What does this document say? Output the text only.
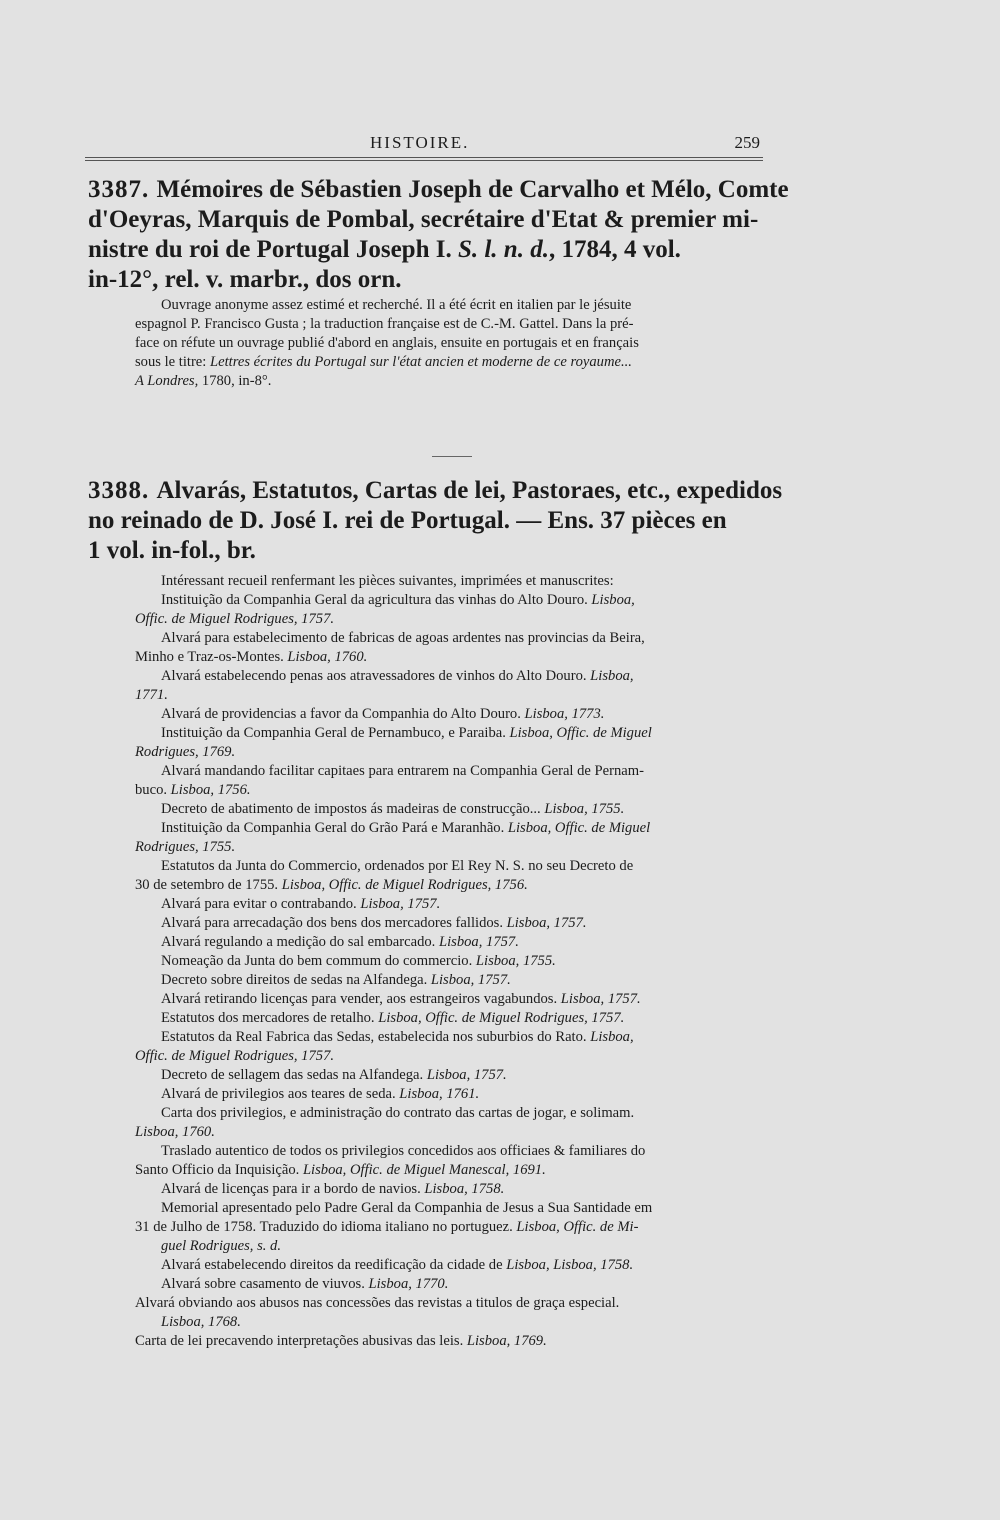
HISTOIRE.	259
3387. Mémoires de Sébastien Joseph de Carvalho et Mélo, Comte
d'Oeyras, Marquis de Pombal, secrétaire d'Etat & premier mi-
nistre du roi de Portugal Joseph I. S. l. n. d., 1784, 4 vol.
in-12°, rel. v. marbr., dos orn.

Ouvrage anonyme assez estimé et recherché. Il a été écrit en italien par le jésuite
espagnol P. Francisco Gusta ; la traduction française est de C.-M. Gattel. Dans la pré-
face on réfute un ouvrage publié d'abord en anglais, ensuite en portugais et en français
sous le titre: Lettres écrites du Portugal sur l'état ancien et moderne de ce royaume...
A Londres, 1780, in-8°.

3388. Alvarás, Estatutos, Cartas de lei, Pastoraes, etc., expedidos
no reinado de D. José I. rei de Portugal. — Ens. 37 pièces en
1 vol. in-fol., br.

Intéressant recueil renfermant les pièces suivantes, imprimées et manuscrites:
Instituição da Companhia Geral da agricultura das vinhas do Alto Douro. Lisboa,
Offic. de Miguel Rodrigues, 1757.
Alvará para estabelecimento de fabricas de agoas ardentes nas provincias da Beira,
Minho e Traz-os-Montes. Lisboa, 1760.
Alvará estabelecendo penas aos atravessadores de vinhos do Alto Douro. Lisboa,
1771.
Alvará de providencias a favor da Companhia do Alto Douro. Lisboa, 1773.
Instituição da Companhia Geral de Pernambuco, e Paraiba. Lisboa, Offic. de Miguel
Rodrigues, 1769.
Alvará mandando facilitar capitaes para entrarem na Companhia Geral de Pernam-
buco. Lisboa, 1756.
Decreto de abatimento de impostos ás madeiras de construcção... Lisboa, 1755.
Instituição da Companhia Geral do Grão Pará e Maranhão. Lisboa, Offic. de Miguel
Rodrigues, 1755.
Estatutos da Junta do Commercio, ordenados por El Rey N. S. no seu Decreto de
30 de setembro de 1755. Lisboa, Offic. de Miguel Rodrigues, 1756.
Alvará para evitar o contrabando. Lisboa, 1757.
Alvará para arrecadação dos bens dos mercadores fallidos. Lisboa, 1757.
Alvará regulando a medição do sal embarcado. Lisboa, 1757.
Nomeação da Junta do bem commum do commercio. Lisboa, 1755.
Decreto sobre direitos de sedas na Alfandega. Lisboa, 1757.
Alvará retirando licenças para vender, aos estrangeiros vagabundos. Lisboa, 1757.
Estatutos dos mercadores de retalho. Lisboa, Offic. de Miguel Rodrigues, 1757.
Estatutos da Real Fabrica das Sedas, estabelecida nos suburbios do Rato. Lisboa,
Offic. de Miguel Rodrigues, 1757.
Decreto de sellagem das sedas na Alfandega. Lisboa, 1757.
Alvará de privilegios aos teares de seda. Lisboa, 1761.
Carta dos privilegios, e administração do contrato das cartas de jogar, e solimam.
Lisboa, 1760.
Traslado autentico de todos os privilegios concedidos aos officiaes & familiares do
Santo Officio da Inquisição. Lisboa, Offic. de Miguel Manescal, 1691.
Alvará de licenças para ir a bordo de navios. Lisboa, 1758.
Memorial apresentado pelo Padre Geral da Companhia de Jesus a Sua Santidade em
31 de Julho de 1758. Traduzido do idioma italiano no portuguez. Lisboa, Offic. de Mi-
guel Rodrigues, s. d.
Alvará estabelecendo direitos da reedificação da cidade de Lisboa, Lisboa, 1758.
Alvará sobre casamento de viuvos. Lisboa, 1770.
Alvará obviando aos abusos nas concessões das revistas a titulos de graça especial.
Lisboa, 1768.
Carta de lei precavendo interpretações abusivas das leis. Lisboa, 1769.
